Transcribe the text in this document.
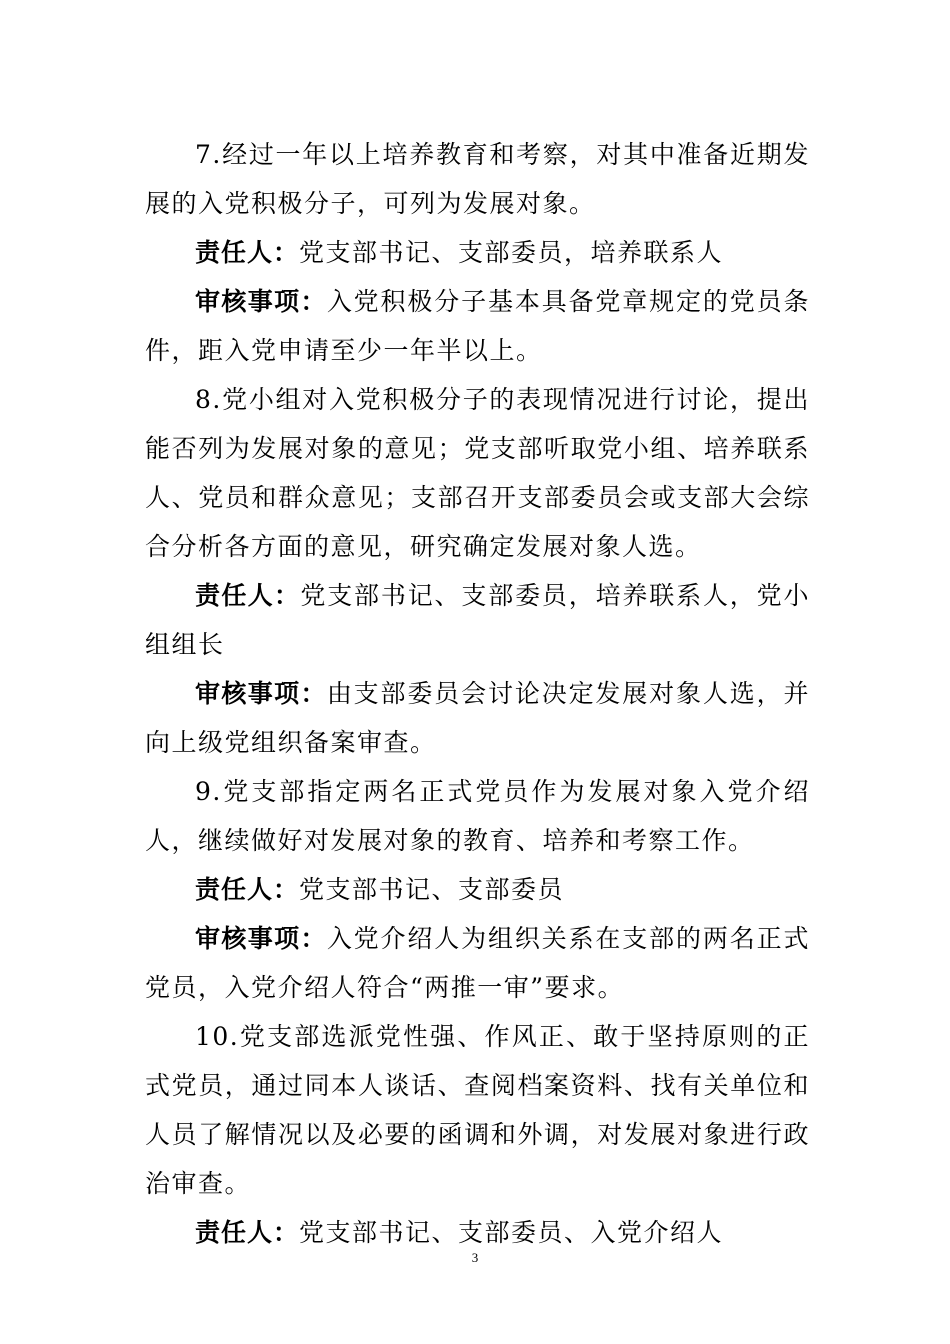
7.经过一年以上培养教育和考察，对其中准备近期发展的入党积极分子，可列为发展对象。

责任人：党支部书记、支部委员，培养联系人

审核事项：入党积极分子基本具备党章规定的党员条件，距入党申请至少一年半以上。

8.党小组对入党积极分子的表现情况进行讨论，提出能否列为发展对象的意见；党支部听取党小组、培养联系人、党员和群众意见；支部召开支部委员会或支部大会综合分析各方面的意见，研究确定发展对象人选。

责任人：党支部书记、支部委员，培养联系人，党小组组长

审核事项：由支部委员会讨论决定发展对象人选，并向上级党组织备案审查。

9.党支部指定两名正式党员作为发展对象入党介绍人，继续做好对发展对象的教育、培养和考察工作。

责任人：党支部书记、支部委员

审核事项：入党介绍人为组织关系在支部的两名正式党员，入党介绍人符合“两推一审”要求。

10.党支部选派党性强、作风正、敢于坚持原则的正式党员，通过同本人谈话、查阅档案资料、找有关单位和人员了解情况以及必要的函调和外调，对发展对象进行政治审查。

责任人：党支部书记、支部委员、入党介绍人

3
